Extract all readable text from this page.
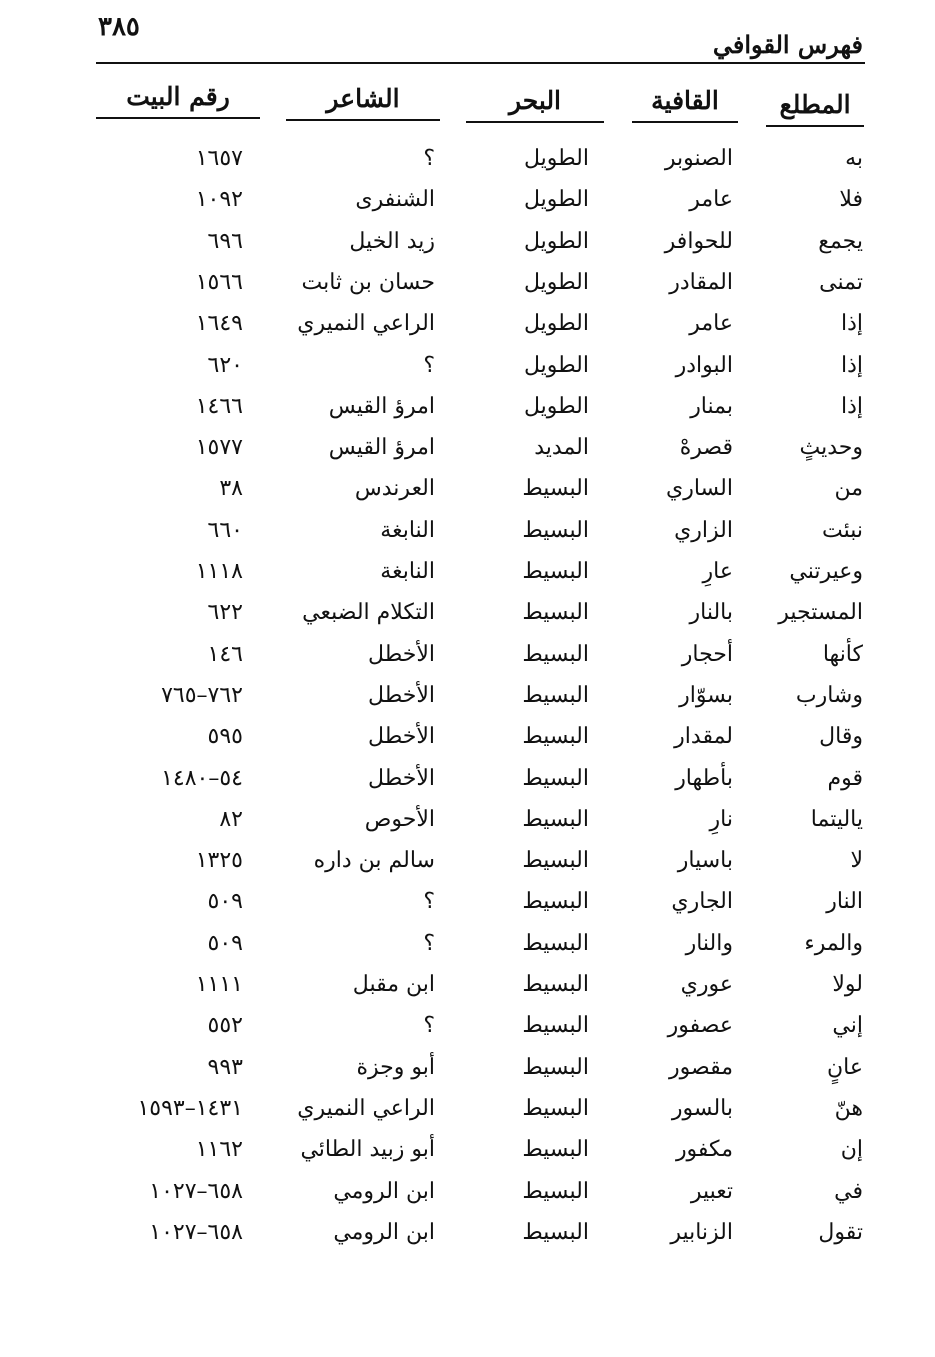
٣٨٥
فهرس القوافي
المطلع
القافية
البحر
الشاعر
رقم البيت
به
الصنوبر
الطويل
؟
١٦٥٧
فلا
عامر
الطويل
الشنفرى
١٠٩٢
يجمع
للحوافر
الطويل
زيد الخيل
٦٩٦
تمنى
المقادر
الطويل
حسان بن ثابت
١٥٦٦
إذا
عامر
الطويل
الراعي النميري
١٦٤٩
إذا
البوادر
الطويل
؟
٦٢٠
إذا
بمنار
الطويل
امرؤ القيس
١٤٦٦
وحديثٍ
قصرهْ
المديد
امرؤ القيس
١٥٧٧
من
الساري
البسيط
العرندس
٣٨
نبئت
الزاري
البسيط
النابغة
٦٦٠
وعيرتني
عارِ
البسيط
النابغة
١١١٨
المستجير
بالنار
البسيط
التكلام الضبعي
٦٢٢
كأنها
أحجار
البسيط
الأخطل
١٤٦
وشارب
بسوّار
البسيط
الأخطل
٧٦٢–٧٦٥
وقال
لمقدار
البسيط
الأخطل
٥٩٥
قوم
بأطهار
البسيط
الأخطل
٥٤–١٤٨٠
ياليتما
نارِ
البسيط
الأحوص
٨٢
لا
باسيار
البسيط
سالم بن داره
١٣٢٥
النار
الجاري
البسيط
؟
٥٠٩
والمرء
والنار
البسيط
؟
٥٠٩
لولا
عوري
البسيط
ابن مقبل
١١١١
إني
عصفور
البسيط
؟
٥٥٢
عانٍ
مقصور
البسيط
أبو وجزة
٩٩٣
هنّ
بالسور
البسيط
الراعي النميري
١٤٣١–١٥٩٣
إن
مكفور
البسيط
أبو زبيد الطائي
١١٦٢
في
تعبير
البسيط
ابن الرومي
٦٥٨–١٠٢٧
تقول
الزنابير
البسيط
ابن الرومي
٦٥٨–١٠٢٧
